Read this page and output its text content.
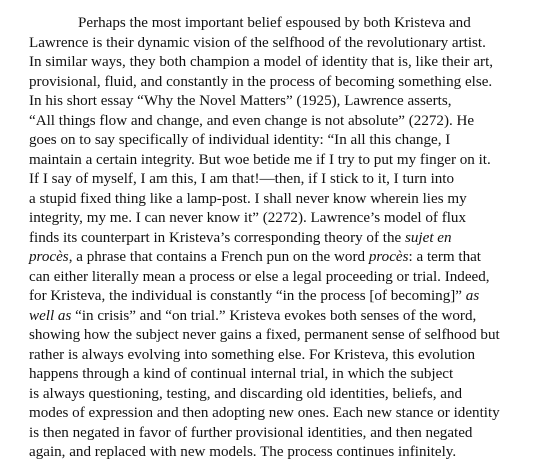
Perhaps the most important belief espoused by both Kristeva and
Lawrence is their dynamic vision of the selfhood of the revolutionary artist.
In similar ways, they both champion a model of identity that is, like their art,
provisional, fluid, and constantly in the process of becoming something else.
In his short essay “Why the Novel Matters” (1925), Lawrence asserts,
“All things flow and change, and even change is not absolute” (2272). He
goes on to say specifically of individual identity: “In all this change, I
maintain a certain integrity. But woe betide me if I try to put my finger on it.
If I say of myself, I am this, I am that!—then, if I stick to it, I turn into
a stupid fixed thing like a lamp-post. I shall never know wherein lies my
integrity, my me. I can never know it” (2272). Lawrence’s model of flux
finds its counterpart in Kristeva’s corresponding theory of the sujet en
procès, a phrase that contains a French pun on the word procès: a term that
can either literally mean a process or else a legal proceeding or trial. Indeed,
for Kristeva, the individual is constantly “in the process [of becoming]” as
well as “in crisis” and “on trial.” Kristeva evokes both senses of the word,
showing how the subject never gains a fixed, permanent sense of selfhood but
rather is always evolving into something else. For Kristeva, this evolution
happens through a kind of continual internal trial, in which the subject
is always questioning, testing, and discarding old identities, beliefs, and
modes of expression and then adopting new ones. Each new stance or identity
is then negated in favor of further provisional identities, and then negated
again, and replaced with new models. The process continues infinitely.
